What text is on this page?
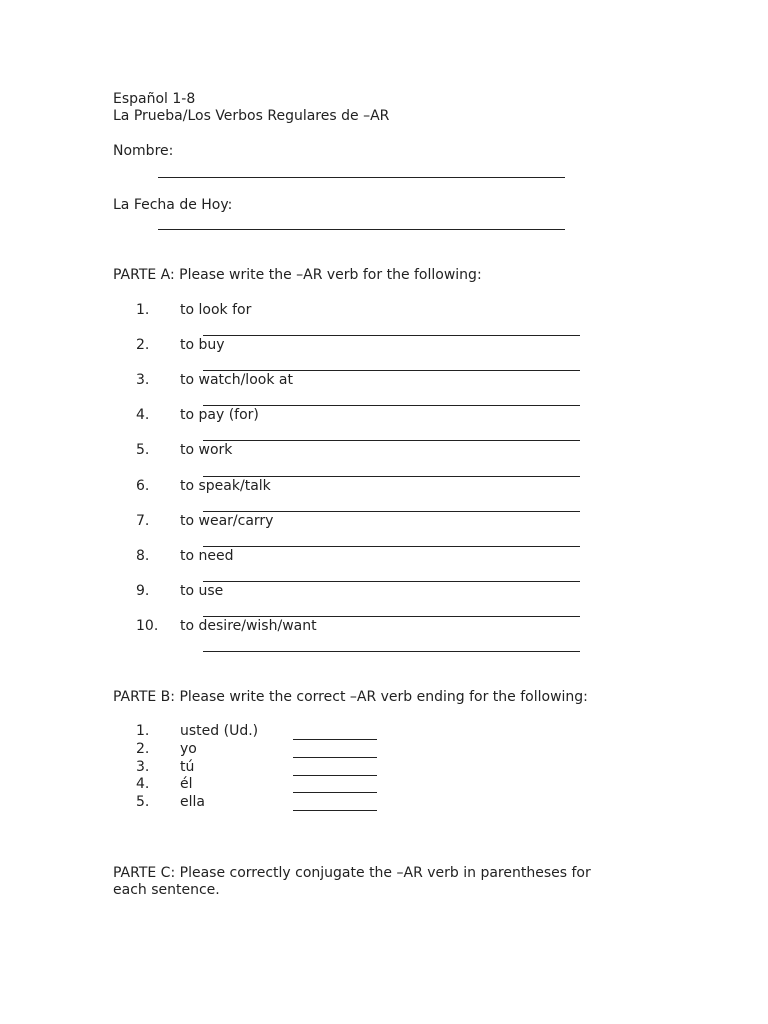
Español 1-8
La Prueba/Los Verbos Regulares de –AR
Nombre:
La Fecha de Hoy:
PARTE A: Please write the –AR verb for the following:
1. to look for
2. to buy
3. to watch/look at
4. to pay (for)
5. to work
6. to speak/talk
7. to wear/carry
8. to need
9. to use
10. to desire/wish/want
PARTE B: Please write the correct –AR verb ending for the following:
1. usted (Ud.)
2. yo
3. tú
4. él
5. ella
PARTE C: Please correctly conjugate the –AR verb in parentheses for
each sentence.
